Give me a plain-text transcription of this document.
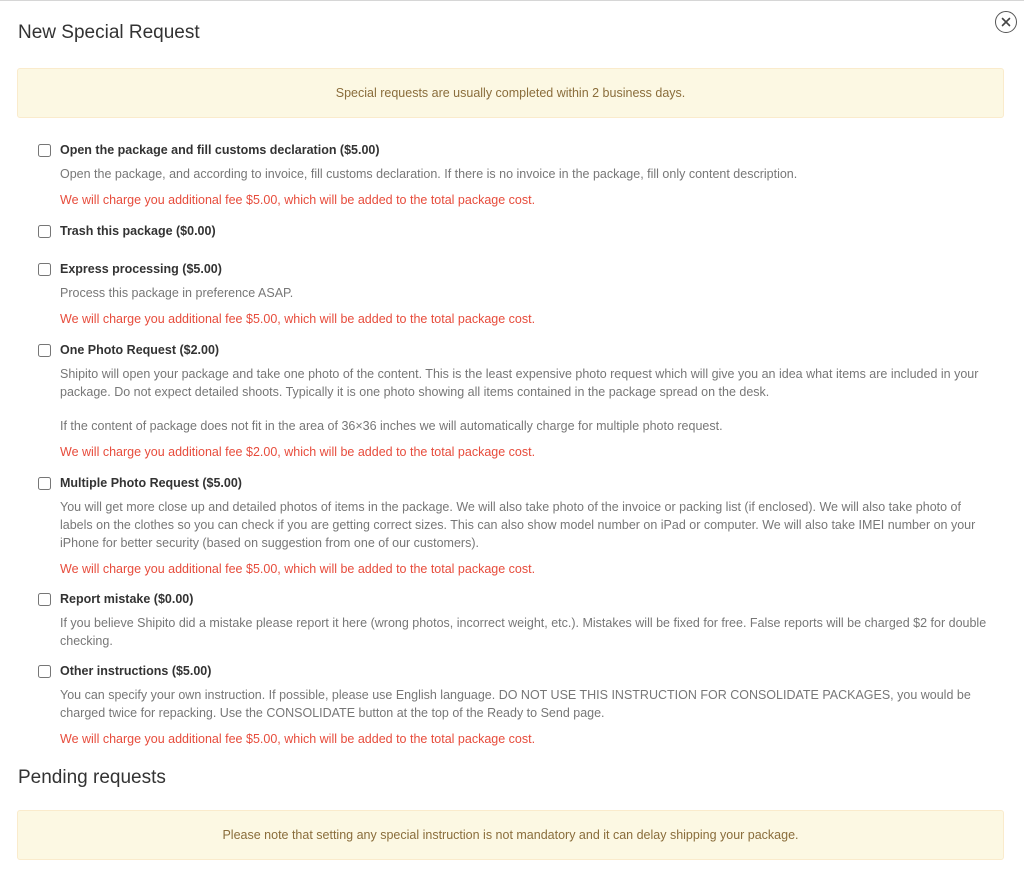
New Special Request
Special requests are usually completed within 2 business days.
Open the package and fill customs declaration ($5.00)

Open the package, and according to invoice, fill customs declaration. If there is no invoice in the package, fill only content description.

We will charge you additional fee $5.00, which will be added to the total package cost.
Trash this package ($0.00)
Express processing ($5.00)

Process this package in preference ASAP.

We will charge you additional fee $5.00, which will be added to the total package cost.
One Photo Request ($2.00)

Shipito will open your package and take one photo of the content. This is the least expensive photo request which will give you an idea what items are included in your package. Do not expect detailed shoots. Typically it is one photo showing all items contained in the package spread on the desk.

If the content of package does not fit in the area of 36×36 inches we will automatically charge for multiple photo request.

We will charge you additional fee $2.00, which will be added to the total package cost.
Multiple Photo Request ($5.00)

You will get more close up and detailed photos of items in the package. We will also take photo of the invoice or packing list (if enclosed). We will also take photo of labels on the clothes so you can check if you are getting correct sizes. This can also show model number on iPad or computer. We will also take IMEI number on your iPhone for better security (based on suggestion from one of our customers).

We will charge you additional fee $5.00, which will be added to the total package cost.
Report mistake ($0.00)

If you believe Shipito did a mistake please report it here (wrong photos, incorrect weight, etc.). Mistakes will be fixed for free. False reports will be charged $2 for double checking.

Other instructions ($5.00)

You can specify your own instruction. If possible, please use English language. DO NOT USE THIS INSTRUCTION FOR CONSOLIDATE PACKAGES, you would be charged twice for repacking. Use the CONSOLIDATE button at the top of the Ready to Send page.

We will charge you additional fee $5.00, which will be added to the total package cost.
Pending requests
Please note that setting any special instruction is not mandatory and it can delay shipping your package.
